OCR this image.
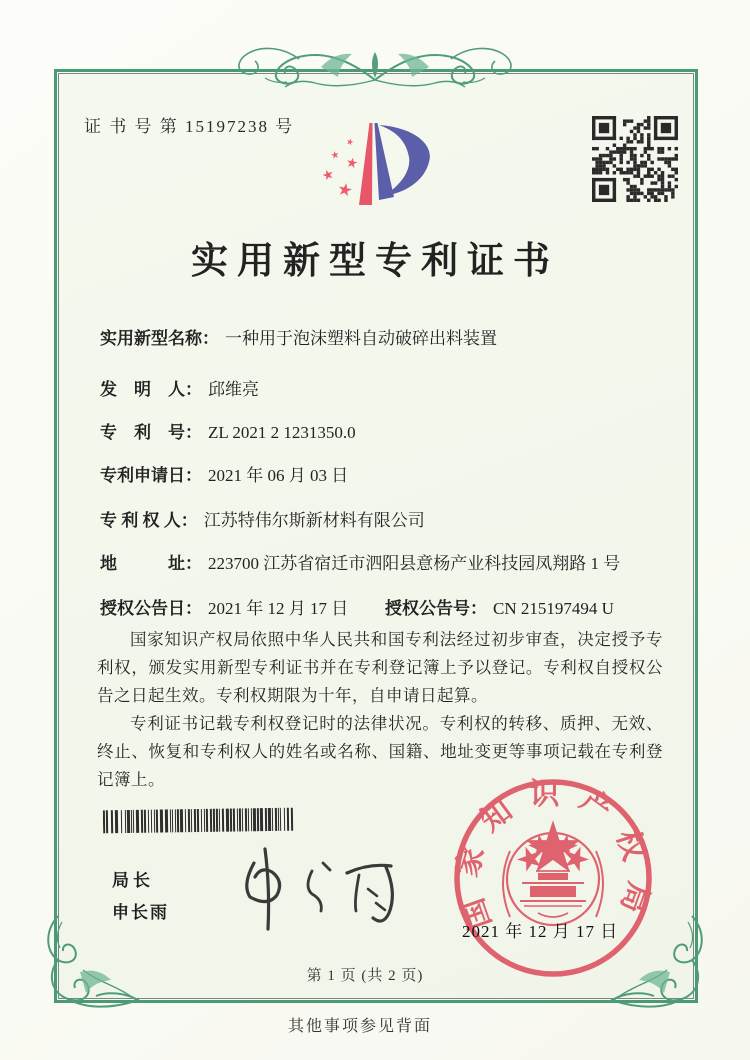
证 书 号 第 15197238 号
实用新型专利证书
实用新型名称： 一种用于泡沫塑料自动破碎出料装置
发　明　人： 邱维亮
专　利　号： ZL 2021 2 1231350.0
专利申请日： 2021 年 06 月 03 日
专 利 权 人： 江苏特伟尔斯新材料有限公司
地　　　址： 223700 江苏省宿迁市泗阳县意杨产业科技园凤翔路 1 号
授权公告日： 2021 年 12 月 17 日 授权公告号： CN 215197494 U

国家知识产权局依照中华人民共和国专利法经过初步审查，决定授予专利权，颁发实用新型专利证书并在专利登记簿上予以登记。专利权自授权公告之日起生效。专利权期限为十年，自申请日起算。

专利证书记载专利权登记时的法律状况。专利权的转移、质押、无效、终止、恢复和专利权人的姓名或名称、国籍、地址变更等事项记载在专利登记簿上。

局长
申长雨	国家知识产权局
2021 年 12 月 17 日
第 1 页 (共 2 页)
其他事项参见背面
